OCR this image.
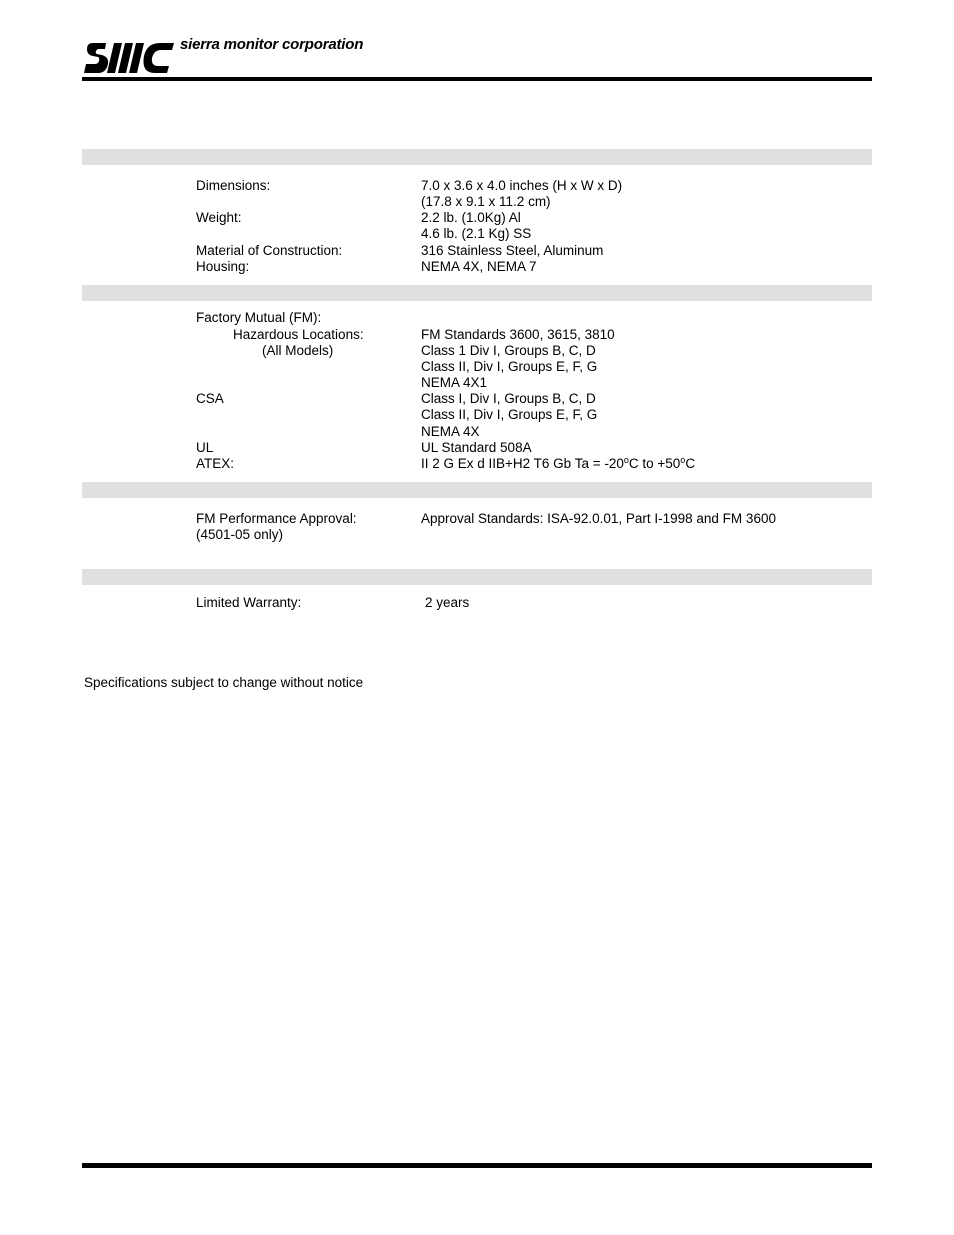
sierra monitor corporation
Dimensions:	7.0 x 3.6 x 4.0 inches (H x W x D)
(17.8 x 9.1 x 11.2 cm)
Weight:	2.2 lb. (1.0Kg) Al
4.6 lb. (2.1 Kg) SS
Material of Construction:	316 Stainless Steel, Aluminum
Housing:	NEMA 4X, NEMA 7
Factory Mutual (FM):
Hazardous Locations:	FM Standards 3600, 3615, 3810
(All Models)	Class 1 Div I, Groups B, C, D
Class II, Div I, Groups E, F, G
NEMA 4X1
CSA	Class I, Div I, Groups B, C, D
Class II, Div I, Groups E, F, G
NEMA 4X
UL	UL Standard 508A
ATEX:	II 2 G Ex d IIB+H2 T6 Gb $Ta = -20^oC$ to $+50^oC$
FM Performance Approval:	Approval Standards: ISA-92.0.01, Part I-1998 and FM 3600
(4501-05 only)
Limited Warranty:	2 years
Specifications subject to change without notice
